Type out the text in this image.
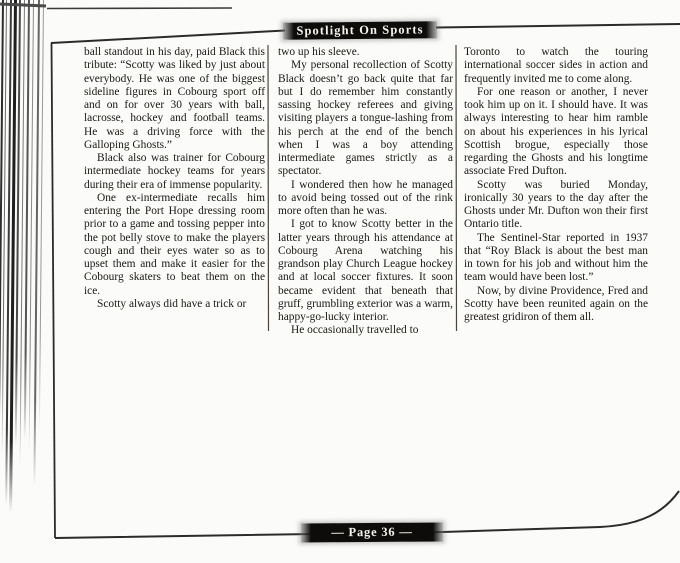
Spotlight On Sports

ball standout in his day, paid Black this tribute: “Scotty was liked by just about everybody. He was one of the biggest sideline figures in Cobourg sport off and on for over 30 years with ball, lacrosse, hockey and football teams. He was a driving force with the Galloping Ghosts.”

Black also was trainer for Cobourg intermediate hockey teams for years during their era of immense popularity.

One ex-intermediate recalls him entering the Port Hope dressing room prior to a game and tossing pepper into the pot belly stove to make the players cough and their eyes water so as to upset them and make it easier for the Cobourg skaters to beat them on the ice.

Scotty always did have a trick or

two up his sleeve.

My personal recollection of Scotty Black doesn’t go back quite that far but I do remember him constantly sassing hockey referees and giving visiting players a tongue-lashing from his perch at the end of the bench when I was a boy attending intermediate games strictly as a spectator.

I wondered then how he managed to avoid being tossed out of the rink more often than he was.

I got to know Scotty better in the latter years through his attendance at Cobourg Arena watching his grandson play Church League hockey and at local soccer fixtures. It soon became evident that beneath that gruff, grumbling exterior was a warm, happy-go-lucky interior.

He occasionally travelled to

Toronto to watch the touring international soccer sides in action and frequently invited me to come along.

For one reason or another, I never took him up on it. I should have. It was always interesting to hear him ramble on about his experiences in his lyrical Scottish brogue, especially those regarding the Ghosts and his longtime associate Fred Dufton.

Scotty was buried Monday, ironically 30 years to the day after the Ghosts under Mr. Dufton won their first Ontario title.

The Sentinel-Star reported in 1937 that “Roy Black is about the best man in town for his job and without him the team would have been lost.”

Now, by divine Providence, Fred and Scotty have been reunited again on the greatest gridiron of them all.

— Page 36 —
